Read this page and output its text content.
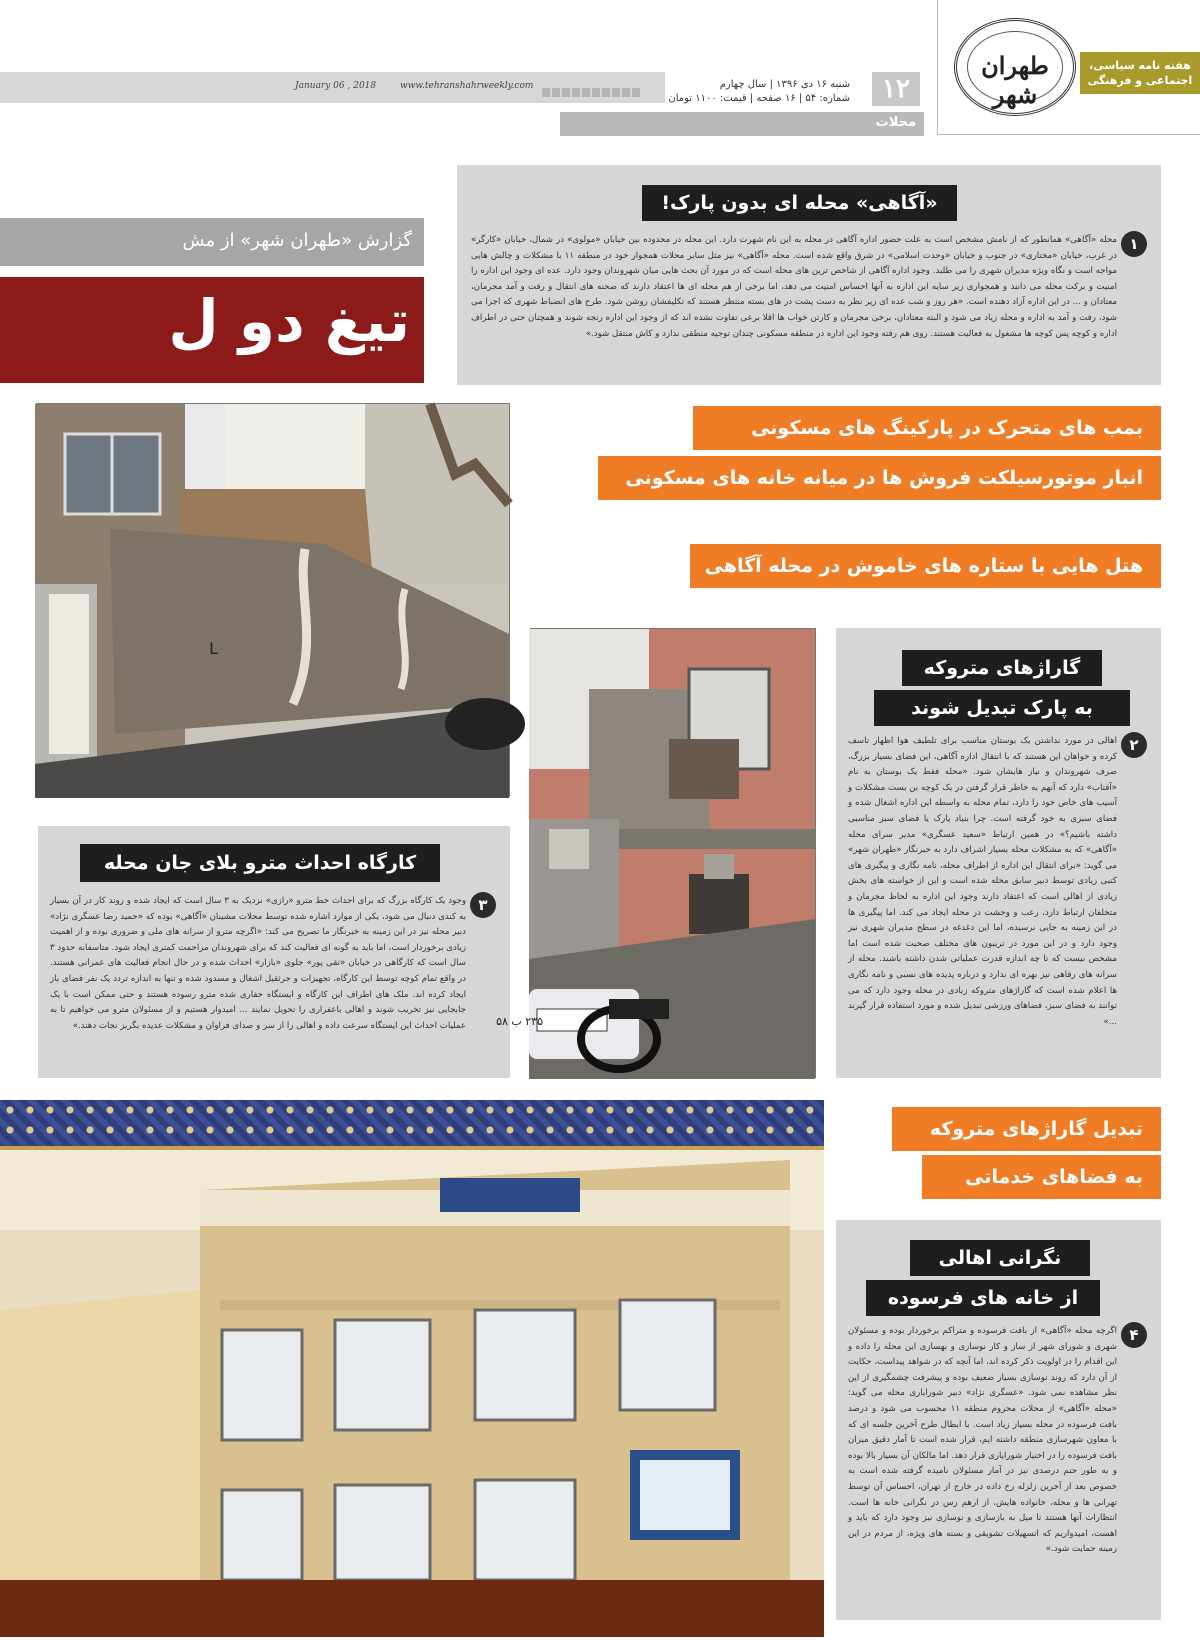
January 06 , 2018	www.tehranshahrweekly.com	شنبه ۱۶ دی ۱۳۹۶ | سال چهارم
شماره: ۵۴ | ۱۶ صفحه | قیمت: ۱۱۰۰ تومان	۱۲
محلات
طهران شهر
هفته نامه سیاسی،
اجتماعی و فرهنگی
گزارش «طهران شهر» از مش
تیغ دو ل
«آگاهی» محله ای بدون پارک!
۱
محله «آگاهی» همانطور که از نامش مشخص است به علت حضور اداره آگاهی در محله به این نام شهرت دارد. این محله در محدوده بین خیابان «مولوی» در شمال، خیابان «کارگر» در غرب، خیابان «مختاری» در جنوب و خیابان «وحدت اسلامی» در شرق واقع شده است. محله «آگاهی» نیز مثل سایر محلات همجوار خود در منطقه ۱۱ با مشکلات و چالش هایی مواجه است و نگاه ویژه مدیران شهری را می طلبد. وجود اداره آگاهی از شاخص ترین های محله است که در مورد آن بحث هایی میان شهروندان وجود دارد. عده ای وجود این اداره را امنیت و برکت محله می دانند و همجواری زیر سایه این اداره به آنها احساس امنیت می دهد، اما برخی از هم محله ای ها اعتقاد دارند که صحنه های انتقال و رفت و آمد مجرمان، معتادان و ... در این اداره آزاد دهنده است. «هر روز و شب عده ای زیر نظر به دست پشت در های بسته منتظر هستند که تکلیفشان روشن شود. طرح های انضباط شهری که اجرا می شود، رفت و آمد به اداره و محله زیاد می شود و البته معتادان، برخی مجرمان و کارتن خواب ها اقلا برعی تفاوت نشده اند که از وجود این اداره رنجه شوند و همچنان حتی در اطراف اداره و کوچه پس کوچه ها مشغول به فعالیت هستند. روی هم رفته وجود این اداره در منطقه مسکونی چندان توجیه منطقی ندارد و کاش منتقل شود.»
بمب های متحرک در پارکینگ های مسکونی
انبار موتورسیلکت فروش ها در میانه خانه های مسکونی
هتل هایی با ستاره های خاموش در محله آگاهی
تبدیل گاراژهای متروکه
به فضاهای خدماتی
L
کارگاه احداث مترو بلای جان محله
۳
وجود یک کارگاه بزرگ که برای احداث خط مترو «رازی» نزدیک به ۳ سال است که ایجاد شده و روند کار در آن بسیار به کندی دنبال می شود، یکی از موارد اشاره شده توسط محلات مشینان «آگاهی» بوده که «حمید رضا عسگری نژاد» دبیر محله نیز در این زمینه به خبرنگار ما تصریح می کند: «اگرچه مترو از سرانه های ملی و ضروری بوده و از اهمیت زیادی برخوردار است، اما باید به گونه ای فعالیت کند که برای شهروندان مزاحمت کمتری ایجاد شود. متاسفانه حدود ۳ سال است که کارگاهی در خیابان «تقی پور» جلوی «بازار» احداث شده و در حال انجام فعالیت های عمرانی هستند. در واقع تمام کوچه توسط این کارگاه، تجهیزات و جرثقیل اشغال و مسدود شده و تنها به اندازه تردد یک نفر فضای باز ایجاد کرده اند. ملک های اطراف این کارگاه و ایستگاه حفاری شده مترو رسوده هستند و حتی ممکن است با یک جابجایی نیز تخریب شوند و اهالی باعفراری را تحویل نمایند ... امیدوار هستیم و از مسئولان مترو می خواهیم تا به عملیات احداث این ایستگاه سرعت داده و اهالی را از سر و صدای فراوان و مشکلات عدیده بگریز نجات دهند.»	۲۳۵ ب ۵۸
گاراژهای متروکه
به پارک تبدیل شوند
۲
اهالی در مورد نداشتن یک بوستان مناسب برای تلطیف هوا اظهار تاسف کرده و خواهان این هستند که با انتقال اداره آگاهی، این فضای بسیار بزرگ، صرف شهروندان و نیاز هایشان شود. «محله فقط یک بوستان به نام «آفتاب» دارد که آنهم به خاطر قرار گرفتن در یک کوچه بن بست مشکلات و آسیب های خاص خود را دارد، تمام محله به واسطه این اداره اشغال شده و فضای سبزی به خود گرفته است. چرا بنیاد پارک یا فضای سبز مناسبی داشته باشیم؟» در همین ارتباط «سعید عسگری» مدیر سرای محله «آگاهی» که به مشکلات محله بسیار اشراف دارد به خبرنگار «طهران شهر» می گوید: «برای انتقال این اداره از اطراف محله، نامه نگاری و پیگیری های کتبی زیادی توسط دبیر سابق محله شده است و این از خواسته های بخش زیادی از اهالی است که اعتقاد دارند وجود این اداره به لحاظ مجرمان و متخلفان ارتباط دارد، رعب و وحشت در محله ایجاد می کند. اما پیگیری ها در این زمینه به جایی نرسیده، اما این دغدغه در سطح مدیران شهری نیز وجود دارد و در این مورد در تریبون های مختلف صحبت شده است اما مشخص نیست که تا چه اندازه قدرت عملیاتی شدن داشته باشند. محله از سرانه های رفاهی نیز بهره ای ندارد و درباره پدیده های نسبی و نامه نگاری ها اعلام شده است که گاراژهای متروکه زیادی در محله وجود دارد که می توانند به فضای سبز، فضاهای ورزشی تبدیل شده و مورد استفاده قرار گیرند ...»
نگرانی اهالی
از خانه های فرسوده
۴
اگرچه محله «آگاهی» از بافت فرسوده و متراکم برخوردار بوده و مسئولان شهری و شورای شهر از ساز و کار نوسازی و بهسازی این محله را داده و این اقدام را در اولویت ذکر کرده اند، اما آنچه که در شواهد پیداست، حکایت از آن دارد که روند نوسازی بسیار ضعیف بوده و پیشرفت چشمگیری از این نظر مشاهده نمی شود. «عسگری نژاد» دبیر شورایاری محله می گوید: «محله «آگاهی» از محلات محروم منطقه ۱۱ محسوب می شود و درصد بافت فرسوده در محله بسیار زیاد است. با ابطال طرح آخرین جلسه ای که با معاون شهرسازی منطقه داشته ایم، قرار شده است تا آمار دقیق میزان بافت فرسوده را در اختیار شورایاری قرار دهد. اما مالکان آن بسیار بالا بوده و به طور حتم درصدی نیز در آمار مسئولان نامیده گرفته شده است به خصوص بعد از آخرین زلزله رخ داده در خارج از تهران، احساس آن توسط تهرانی ها و محله، خانواده هایش، از ارهم رس در نگرانی خانه ها است. انتظارات آنها هستند تا میل به بازسازی و نوسازی نیز وجود دارد که باید و اهست، امیدواریم که اتسهیلات تشویقی و بسته های ویژه، از مردم در این زمینه حمایت شود.»
